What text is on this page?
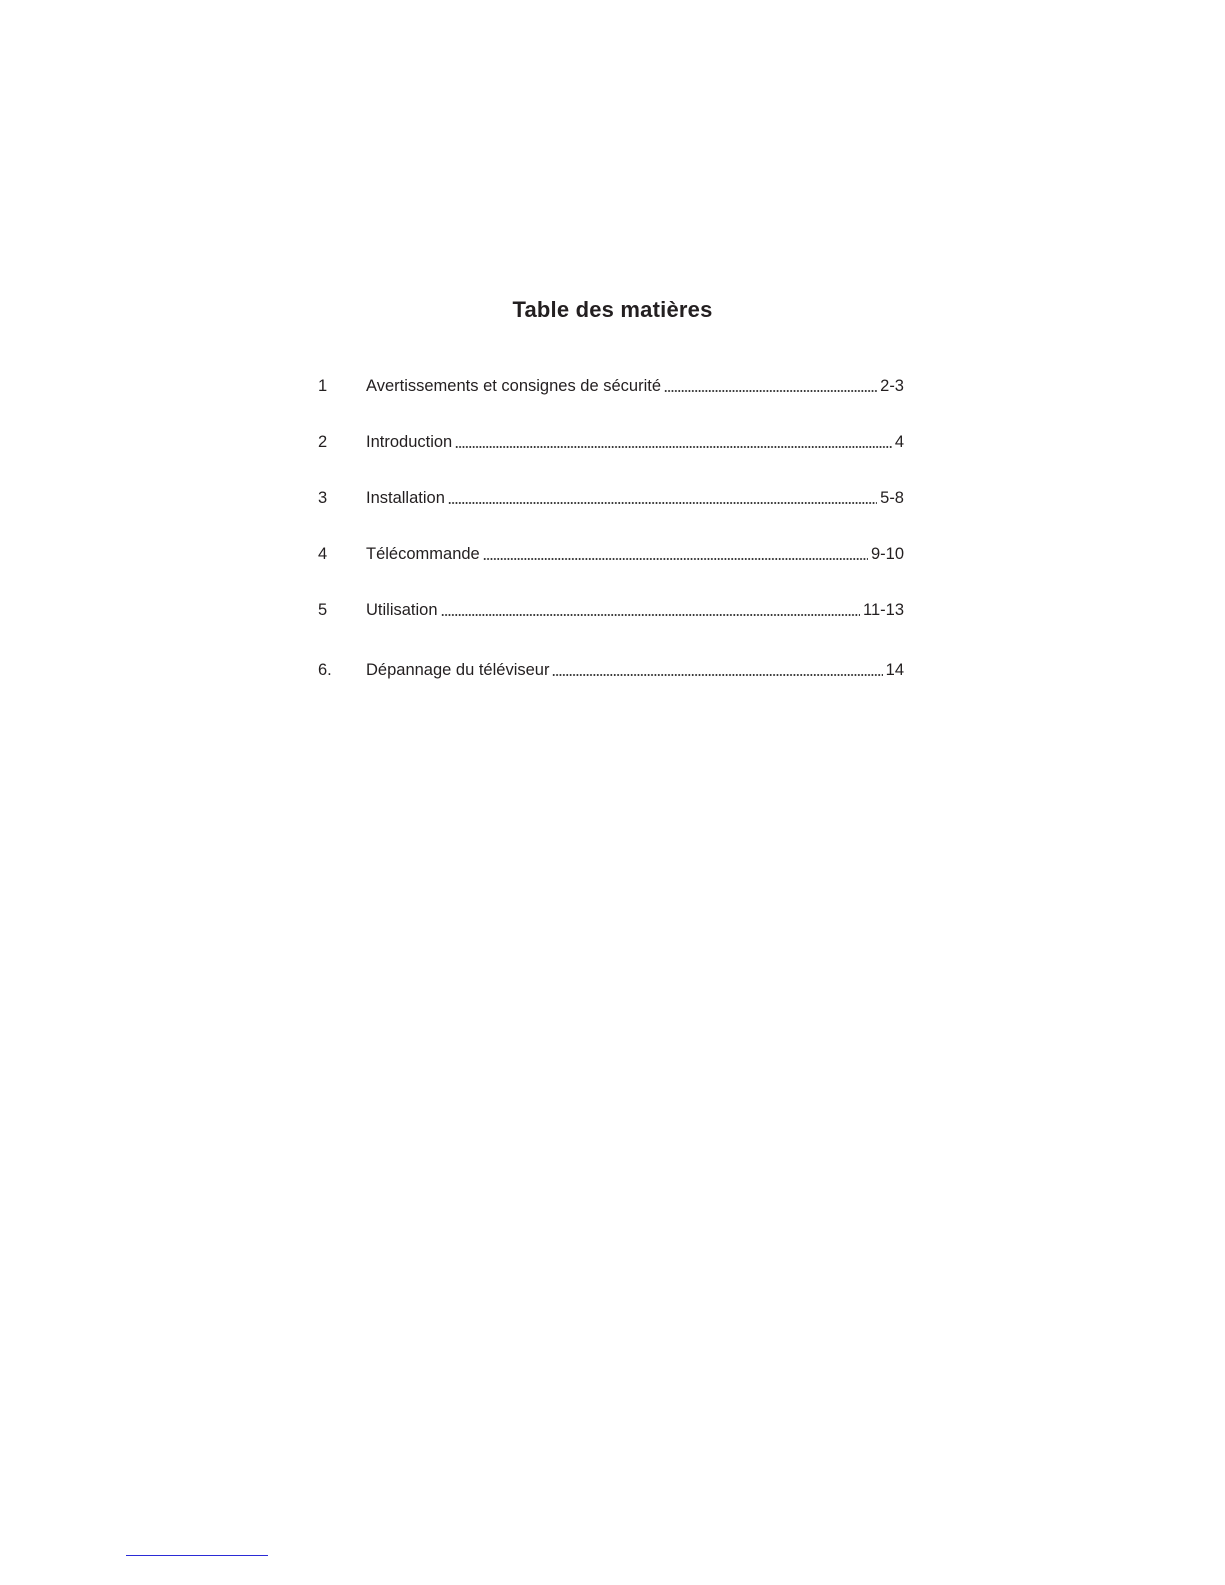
Table des matières
1	Avertissements et consignes de sécurité	2-3
2	Introduction	4
3	Installation	5-8
4	Télécommande	9-10
5	Utilisation	11-13
6.	Dépannage du téléviseur	14
